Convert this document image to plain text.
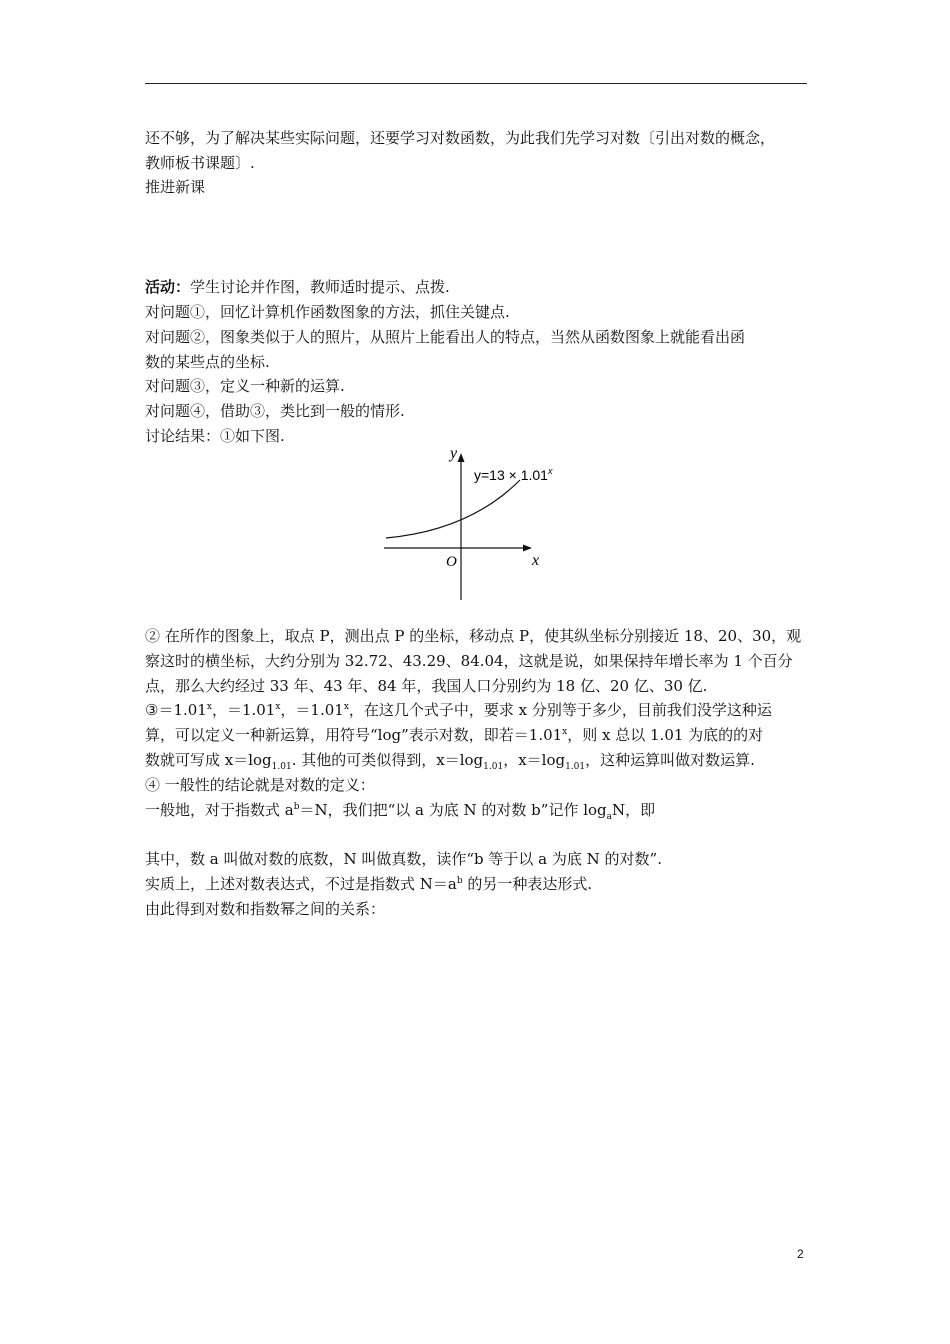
还不够，为了解决某些实际问题，还要学习对数函数，为此我们先学习对数〔引出对数的概念，
教师板书课题〕.
推进新课
活动：学生讨论并作图，教师适时提示、点拨.
对问题①，回忆计算机作函数图象的方法，抓住关键点.
对问题②，图象类似于人的照片，从照片上能看出人的特点，当然从函数图象上就能看出函
数的某些点的坐标.
对问题③，定义一种新的运算.
对问题④，借助③，类比到一般的情形.
讨论结果：①如下图.
y
x
O
$y=13 \times 1.01^x$
② 在所作的图象上，取点 P，测出点 P 的坐标，移动点 P，使其纵坐标分别接近 18、20、30，观
察这时的横坐标，大约分别为 32.72、43.29、84.04，这就是说，如果保持年增长率为 1 个百分
点，那么大约经过 33 年、43 年、84 年，我国人口分别约为 18 亿、20 亿、30 亿.
$③=1.01^x$，$=1.01^x$，$=1.01^x$，在这几个式子中，要求 x 分别等于多少，目前我们没学这种运
算，可以定义一种新运算，用符号“log”表示对数，即若$=1.01^x$，则 x 总以 1.01 为底的的对
数就可写成 $x=\log_{1.01}$. 其他的可类似得到，$x=\log_{1.01}$，$x=\log_{1.01}$，这种运算叫做对数运算.
④ 一般性的结论就是对数的定义：
一般地，对于指数式 $a^b=N$，我们把“以 a 为底 N 的对数 b”记作 $\log_aN$，即
其中，数 a 叫做对数的底数，N 叫做真数，读作“b 等于以 a 为底 N 的对数”.
实质上，上述对数表达式，不过是指数式 $N=a^b$ 的另一种表达形式.
由此得到对数和指数幂之间的关系：
2
